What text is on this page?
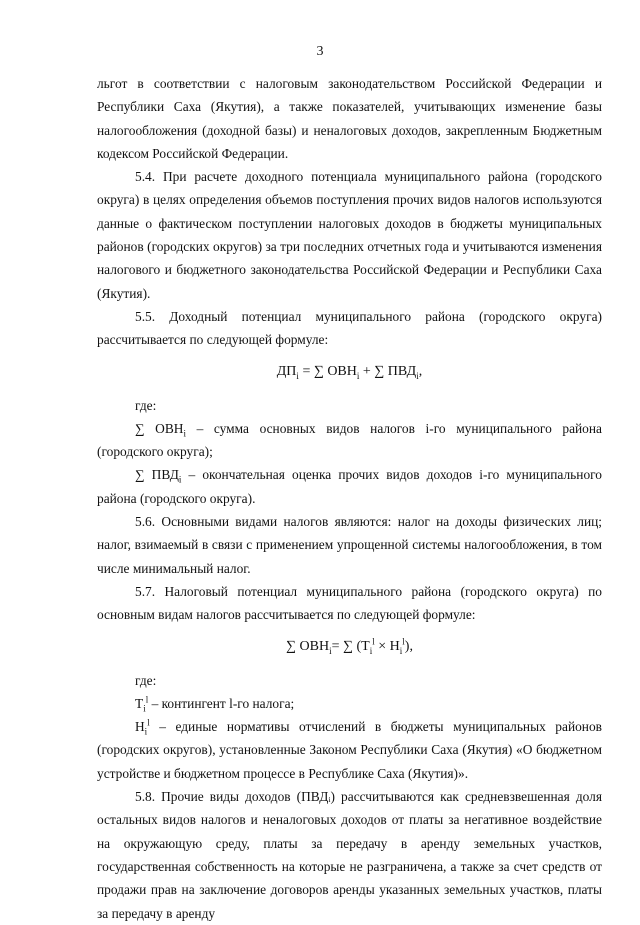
3

льгот в соответствии с налоговым законодательством Российской Федерации и Республики Саха (Якутия), а также показателей, учитывающих изменение базы налогообложения (доходной базы) и неналоговых доходов, закрепленным Бюджетным кодексом Российской Федерации.

5.4. При расчете доходного потенциала муниципального района (городского округа) в целях определения объемов поступления прочих видов налогов используются данные о фактическом поступлении налоговых доходов в бюджеты муниципальных районов (городских округов) за три последних отчетных года и учитываются изменения налогового и бюджетного законодательства Российской Федерации и Республики Саха (Якутия).

5.5. Доходный потенциал муниципального района (городского округа) рассчитывается по следующей формуле:

$ДП_i$ = ∑ $ОВН_i$ + ∑ $ПВД_i$,

где:

∑ $ОВН_i$ – сумма основных видов налогов i-го муниципального района (городского округа);

∑ $ПВД_i$ – окончательная оценка прочих видов доходов i-го муниципального района (городского округа).

5.6. Основными видами налогов являются: налог на доходы физических лиц; налог, взимаемый в связи с применением упрощенной системы налогообложения, в том числе минимальный налог.

5.7. Налоговый потенциал муниципального района (городского округа) по основным видам налогов рассчитывается по следующей формуле:

∑ $ОВН_i=$ ∑ $(T_i^l \times Н_i^l)$,

где:

$T_i^l$ – контингент l-го налога;

$Н_i^l$ – единые нормативы отчислений в бюджеты муниципальных районов (городских округов), установленные Законом Республики Саха (Якутия) «О бюджетном устройстве и бюджетном процессе в Республике Саха (Якутия)».

5.8. Прочие виды доходов (ПВДᵢ) рассчитываются как средневзвешенная доля остальных видов налогов и неналоговых доходов от платы за негативное воздействие на окружающую среду, платы за передачу в аренду земельных участков, государственная собственность на которые не разграничена, а также за счет средств от продажи прав на заключение договоров аренды указанных земельных участков, платы за передачу в аренду
